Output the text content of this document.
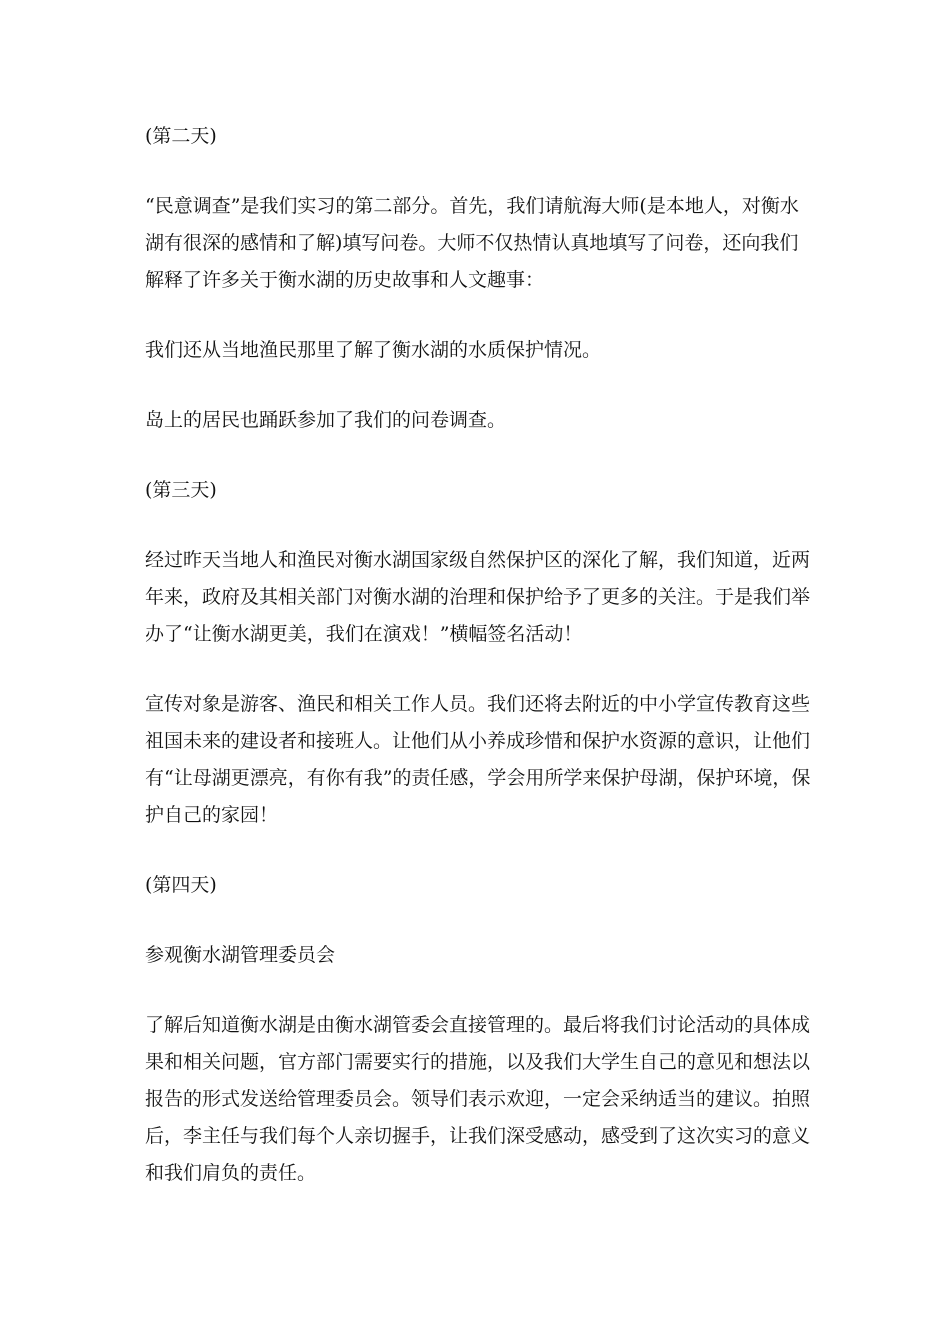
(第二天)

“民意调查”是我们实习的第二部分。首先，我们请航海大师(是本地人，对衡水湖有很深的感情和了解)填写问卷。大师不仅热情认真地填写了问卷，还向我们解释了许多关于衡水湖的历史故事和人文趣事：

我们还从当地渔民那里了解了衡水湖的水质保护情况。

岛上的居民也踊跃参加了我们的问卷调查。

(第三天)

经过昨天当地人和渔民对衡水湖国家级自然保护区的深化了解，我们知道，近两年来，政府及其相关部门对衡水湖的治理和保护给予了更多的关注。于是我们举办了“让衡水湖更美，我们在演戏！”横幅签名活动！

宣传对象是游客、渔民和相关工作人员。我们还将去附近的中小学宣传教育这些祖国未来的建设者和接班人。让他们从小养成珍惜和保护水资源的意识，让他们有“让母湖更漂亮，有你有我”的责任感，学会用所学来保护母湖，保护环境，保护自己的家园！

(第四天)

参观衡水湖管理委员会

了解后知道衡水湖是由衡水湖管委会直接管理的。最后将我们讨论活动的具体成果和相关问题，官方部门需要实行的措施，以及我们大学生自己的意见和想法以报告的形式发送给管理委员会。领导们表示欢迎，一定会采纳适当的建议。拍照后，李主任与我们每个人亲切握手，让我们深受感动，感受到了这次实习的意义和我们肩负的责任。
